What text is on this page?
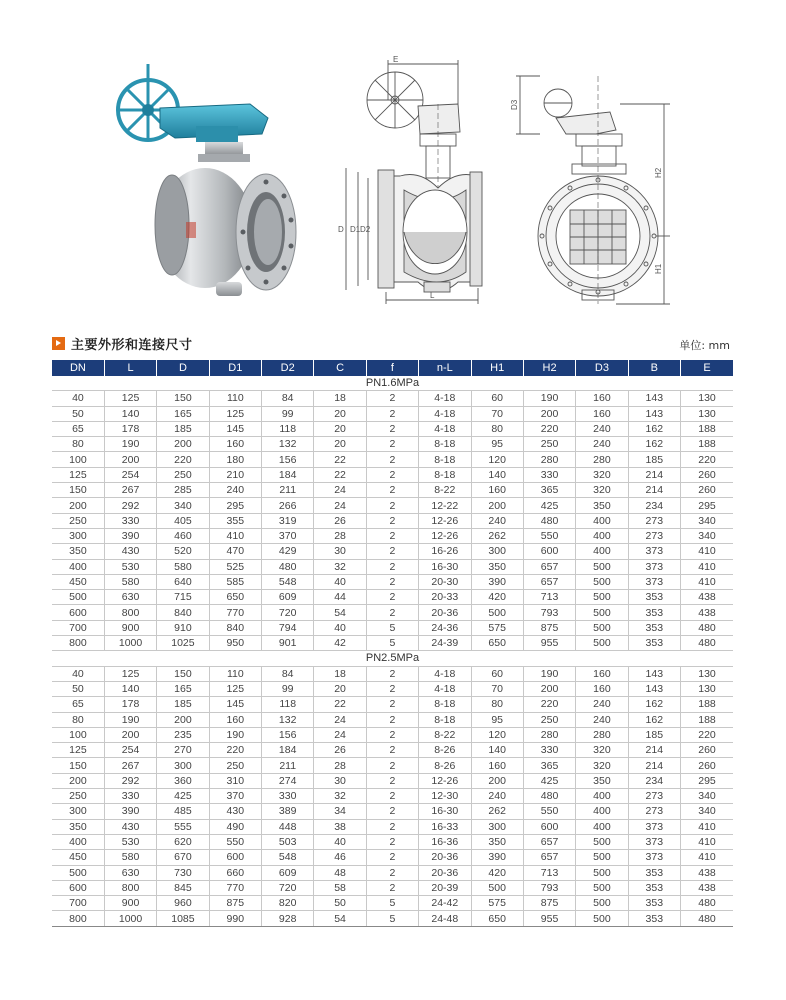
E
D D1 D2
L
D3
H2
H1
主要外形和连接尺寸	单位: mm
DN	L	D	D1	D2	C	f	n-L	H1	H2	D3	B	E
PN1.6MPa												
40	125	150	110	84	18	2	4-18	60	190	160	143	130
50	140	165	125	99	20	2	4-18	70	200	160	143	130
65	178	185	145	118	20	2	4-18	80	220	240	162	188
80	190	200	160	132	20	2	8-18	95	250	240	162	188
100	200	220	180	156	22	2	8-18	120	280	280	185	220
125	254	250	210	184	22	2	8-18	140	330	320	214	260
150	267	285	240	211	24	2	8-22	160	365	320	214	260
200	292	340	295	266	24	2	12-22	200	425	350	234	295
250	330	405	355	319	26	2	12-26	240	480	400	273	340
300	390	460	410	370	28	2	12-26	262	550	400	273	340
350	430	520	470	429	30	2	16-26	300	600	400	373	410
400	530	580	525	480	32	2	16-30	350	657	500	373	410
450	580	640	585	548	40	2	20-30	390	657	500	373	410
500	630	715	650	609	44	2	20-33	420	713	500	353	438
600	800	840	770	720	54	2	20-36	500	793	500	353	438
700	900	910	840	794	40	5	24-36	575	875	500	353	480
800	1000	1025	950	901	42	5	24-39	650	955	500	353	480
PN2.5MPa												
40	125	150	110	84	18	2	4-18	60	190	160	143	130
50	140	165	125	99	20	2	4-18	70	200	160	143	130
65	178	185	145	118	22	2	8-18	80	220	240	162	188
80	190	200	160	132	24	2	8-18	95	250	240	162	188
100	200	235	190	156	24	2	8-22	120	280	280	185	220
125	254	270	220	184	26	2	8-26	140	330	320	214	260
150	267	300	250	211	28	2	8-26	160	365	320	214	260
200	292	360	310	274	30	2	12-26	200	425	350	234	295
250	330	425	370	330	32	2	12-30	240	480	400	273	340
300	390	485	430	389	34	2	16-30	262	550	400	273	340
350	430	555	490	448	38	2	16-33	300	600	400	373	410
400	530	620	550	503	40	2	16-36	350	657	500	373	410
450	580	670	600	548	46	2	20-36	390	657	500	373	410
500	630	730	660	609	48	2	20-36	420	713	500	353	438
600	800	845	770	720	58	2	20-39	500	793	500	353	438
700	900	960	875	820	50	5	24-42	575	875	500	353	480
800	1000	1085	990	928	54	5	24-48	650	955	500	353	480
